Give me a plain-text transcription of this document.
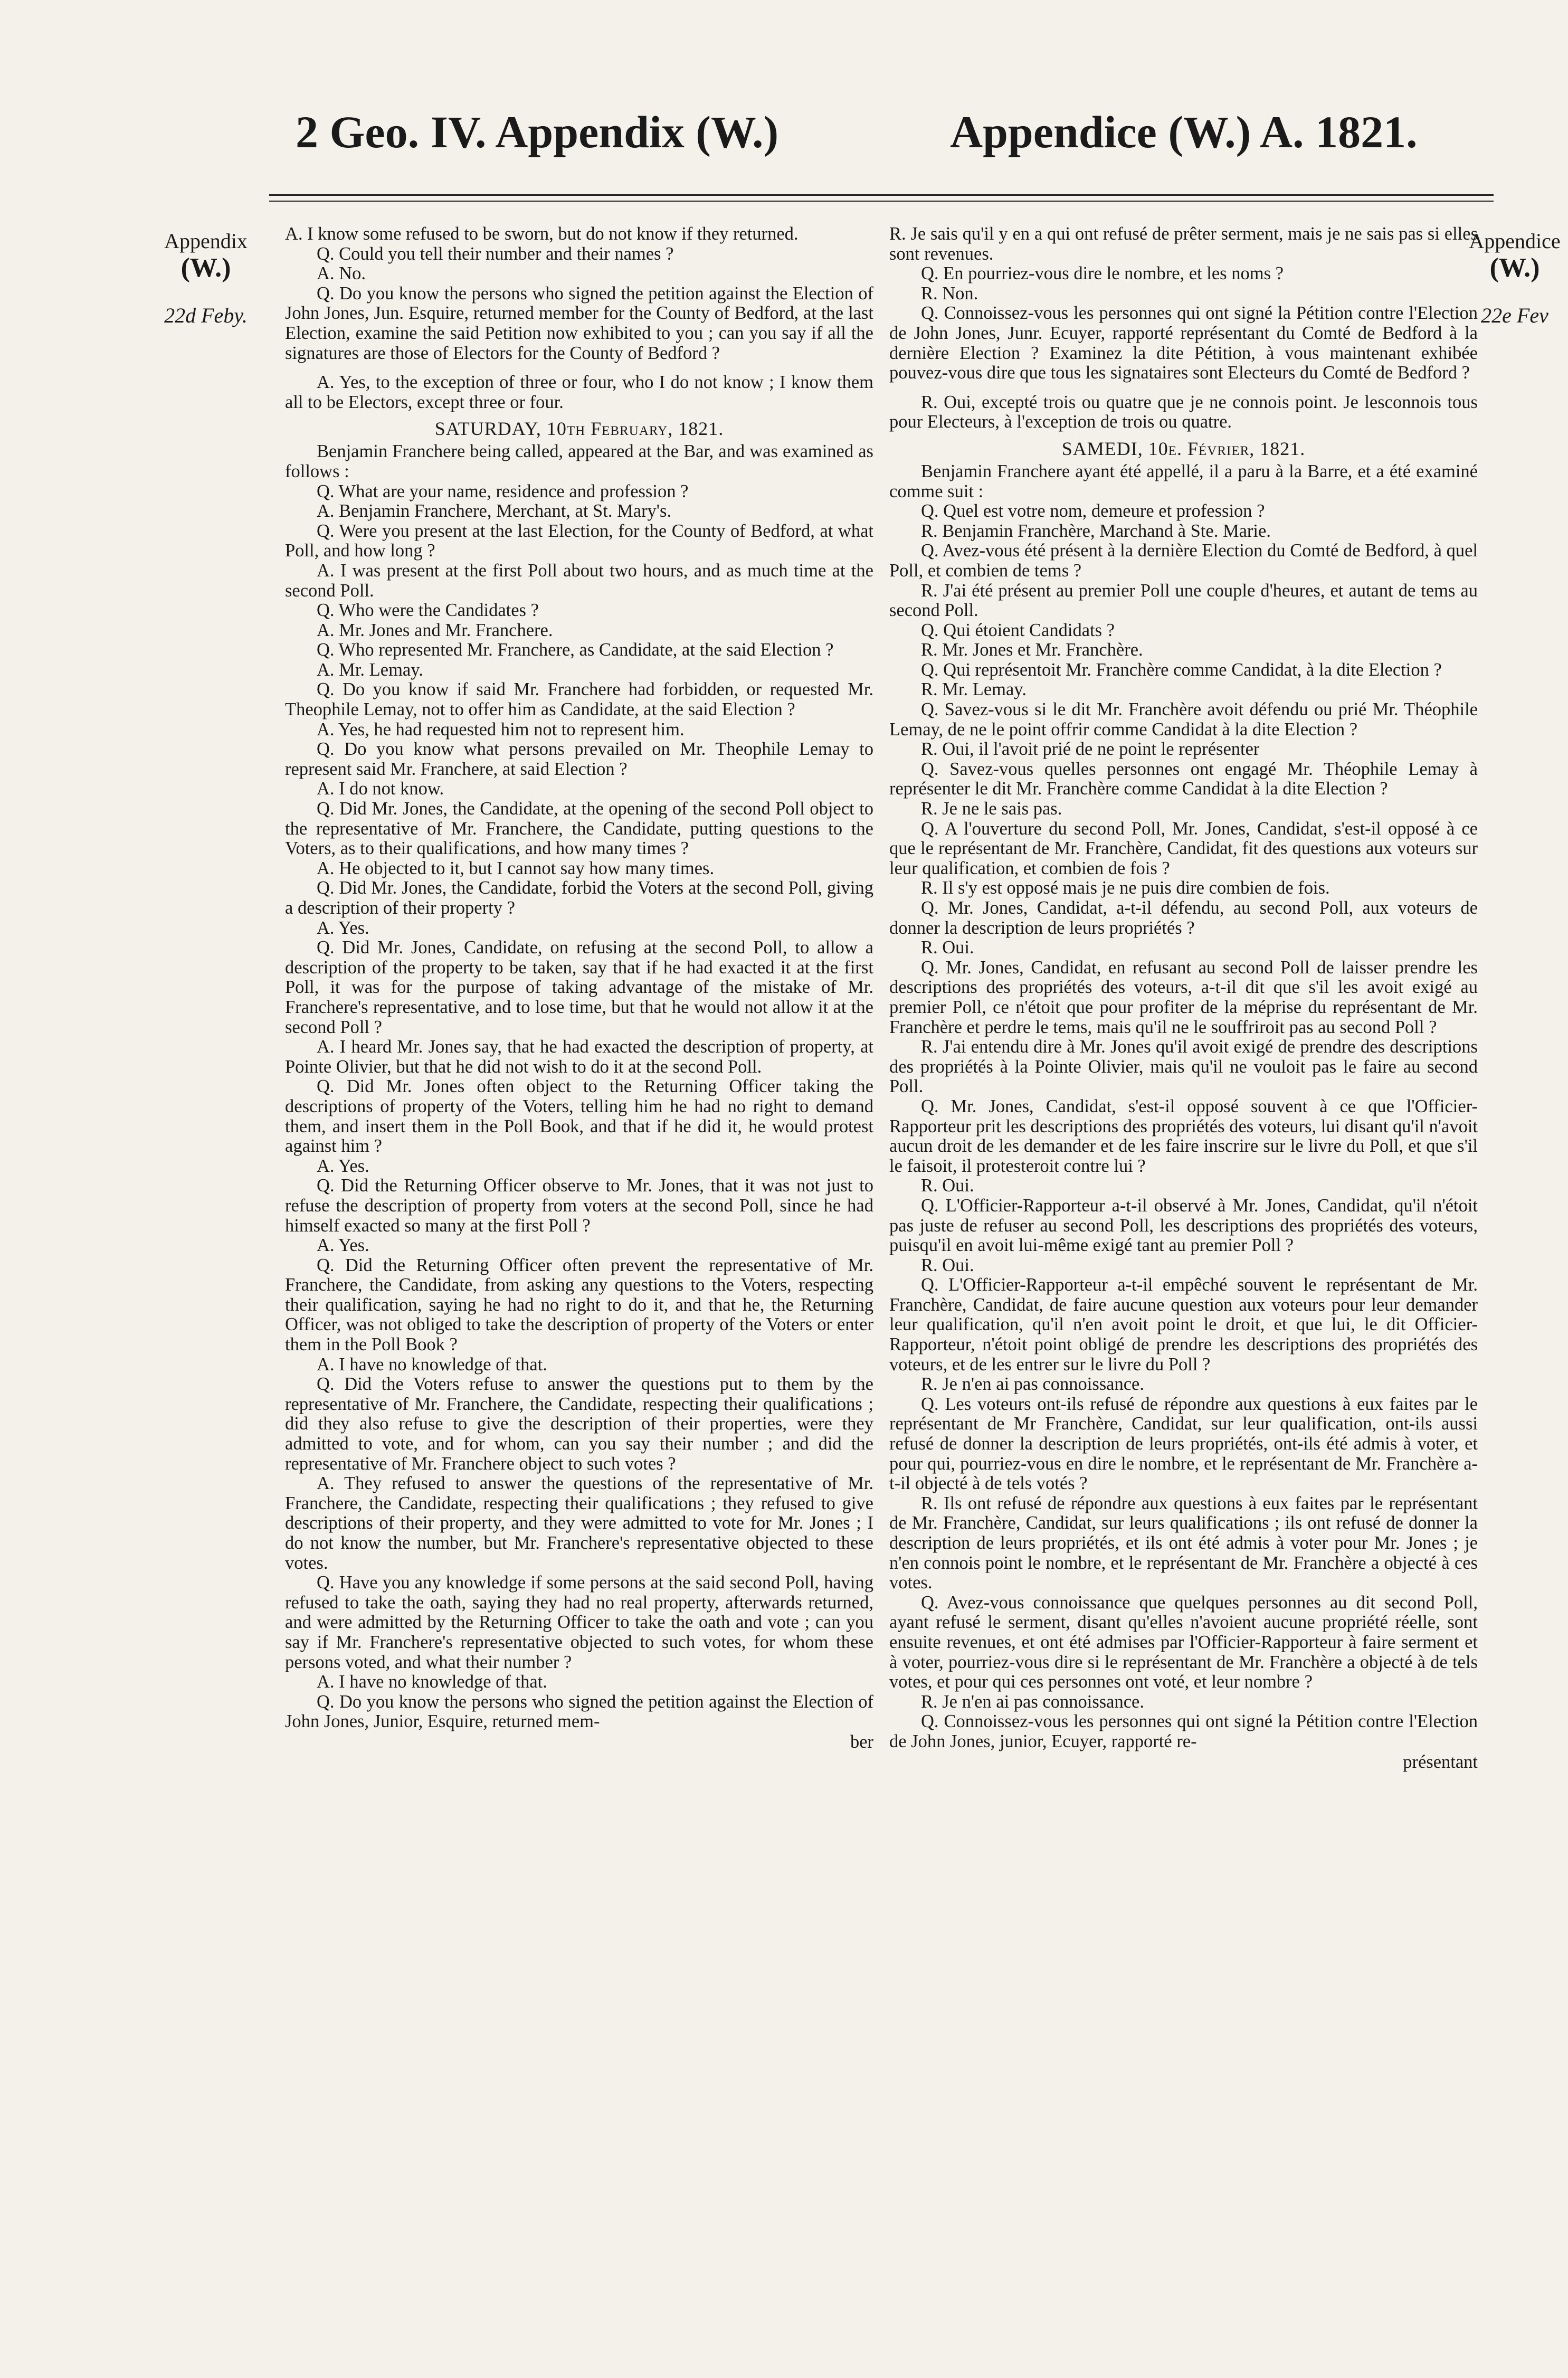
2 Geo. IV. Appendix (W.)	Appendice (W.) A. 1821.
Appendix
(W.)
22d Feby.
Appendice
(W.)
22e Fev

A. I know some refused to be sworn, but do not know if they returned.

Q. Could you tell their number and their names ?

A. No.

Q. Do you know the persons who signed the petition against the Election of John Jones, Jun. Esquire, returned member for the County of Bedford, at the last Election, examine the said Petition now exhibited to you ; can you say if all the signatures are those of Electors for the County of Bedford ?

A. Yes, to the exception of three or four, who I do not know ; I know them all to be Electors, except three or four.

SATURDAY, 10th February, 1821.

Benjamin Franchere being called, appeared at the Bar, and was examined as follows :

Q. What are your name, residence and profession ?

A. Benjamin Franchere, Merchant, at St. Mary's.

Q. Were you present at the last Election, for the County of Bedford, at what Poll, and how long ?

A. I was present at the first Poll about two hours, and as much time at the second Poll.

Q. Who were the Candidates ?

A. Mr. Jones and Mr. Franchere.

Q. Who represented Mr. Franchere, as Candidate, at the said Election ?

A. Mr. Lemay.

Q. Do you know if said Mr. Franchere had forbidden, or requested Mr. Theophile Lemay, not to offer him as Candidate, at the said Election ?

A. Yes, he had requested him not to represent him.

Q. Do you know what persons prevailed on Mr. Theophile Lemay to represent said Mr. Franchere, at said Election ?

A. I do not know.

Q. Did Mr. Jones, the Candidate, at the opening of the second Poll object to the representative of Mr. Franchere, the Candidate, putting questions to the Voters, as to their qualifications, and how many times ?

A. He objected to it, but I cannot say how many times.

Q. Did Mr. Jones, the Candidate, forbid the Voters at the second Poll, giving a description of their property ?

A. Yes.

Q. Did Mr. Jones, Candidate, on refusing at the second Poll, to allow a description of the property to be taken, say that if he had exacted it at the first Poll, it was for the purpose of taking advantage of the mistake of Mr. Franchere's representative, and to lose time, but that he would not allow it at the second Poll ?

A. I heard Mr. Jones say, that he had exacted the description of property, at Pointe Olivier, but that he did not wish to do it at the second Poll.

Q. Did Mr. Jones often object to the Returning Officer taking the descriptions of property of the Voters, telling him he had no right to demand them, and insert them in the Poll Book, and that if he did it, he would protest against him ?

A. Yes.

Q. Did the Returning Officer observe to Mr. Jones, that it was not just to refuse the description of property from voters at the second Poll, since he had himself exacted so many at the first Poll ?

A. Yes.

Q. Did the Returning Officer often prevent the representative of Mr. Franchere, the Candidate, from asking any questions to the Voters, respecting their qualification, saying he had no right to do it, and that he, the Returning Officer, was not obliged to take the description of property of the Voters or enter them in the Poll Book ?

A. I have no knowledge of that.

Q. Did the Voters refuse to answer the questions put to them by the representative of Mr. Franchere, the Candidate, respecting their qualifications ; did they also refuse to give the description of their properties, were they admitted to vote, and for whom, can you say their number ; and did the representative of Mr. Franchere object to such votes ?

A. They refused to answer the questions of the representative of Mr. Franchere, the Candidate, respecting their qualifications ; they refused to give descriptions of their property, and they were admitted to vote for Mr. Jones ; I do not know the number, but Mr. Franchere's representative objected to these votes.

Q. Have you any knowledge if some persons at the said second Poll, having refused to take the oath, saying they had no real property, afterwards returned, and were admitted by the Returning Officer to take the oath and vote ; can you say if Mr. Franchere's representative objected to such votes, for whom these persons voted, and what their number ?

A. I have no knowledge of that.

Q. Do you know the persons who signed the petition against the Election of John Jones, Junior, Esquire, returned mem-

ber

R. Je sais qu'il y en a qui ont refusé de prêter serment, mais je ne sais pas si elles sont revenues.

Q. En pourriez-vous dire le nombre, et les noms ?

R. Non.

Q. Connoissez-vous les personnes qui ont signé la Pétition contre l'Election de John Jones, Junr. Ecuyer, rapporté représentant du Comté de Bedford à la dernière Election ? Examinez la dite Pétition, à vous maintenant exhibée pouvez-vous dire que tous les signataires sont Electeurs du Comté de Bedford ?

R. Oui, excepté trois ou quatre que je ne connois point. Je lesconnois tous pour Electeurs, à l'exception de trois ou quatre.

SAMEDI, 10e. Février, 1821.

Benjamin Franchere ayant été appellé, il a paru à la Barre, et a été examiné comme suit :

Q. Quel est votre nom, demeure et profession ?

R. Benjamin Franchère, Marchand à Ste. Marie.

Q. Avez-vous été présent à la dernière Election du Comté de Bedford, à quel Poll, et combien de tems ?

R. J'ai été présent au premier Poll une couple d'heures, et autant de tems au second Poll.

Q. Qui étoient Candidats ?

R. Mr. Jones et Mr. Franchère.

Q. Qui représentoit Mr. Franchère comme Candidat, à la dite Election ?

R. Mr. Lemay.

Q. Savez-vous si le dit Mr. Franchère avoit défendu ou prié Mr. Théophile Lemay, de ne le point offrir comme Candidat à la dite Election ?

R. Oui, il l'avoit prié de ne point le représenter

Q. Savez-vous quelles personnes ont engagé Mr. Théophile Lemay à représenter le dit Mr. Franchère comme Candidat à la dite Election ?

R. Je ne le sais pas.

Q. A l'ouverture du second Poll, Mr. Jones, Candidat, s'est-il opposé à ce que le représentant de Mr. Franchère, Candidat, fit des questions aux voteurs sur leur qualification, et combien de fois ?

R. Il s'y est opposé mais je ne puis dire combien de fois.

Q. Mr. Jones, Candidat, a-t-il défendu, au second Poll, aux voteurs de donner la description de leurs propriétés ?

R. Oui.

Q. Mr. Jones, Candidat, en refusant au second Poll de laisser prendre les descriptions des propriétés des voteurs, a-t-il dit que s'il les avoit exigé au premier Poll, ce n'étoit que pour profiter de la méprise du représentant de Mr. Franchère et perdre le tems, mais qu'il ne le souffriroit pas au second Poll ?

R. J'ai entendu dire à Mr. Jones qu'il avoit exigé de prendre des descriptions des propriétés à la Pointe Olivier, mais qu'il ne vouloit pas le faire au second Poll.

Q. Mr. Jones, Candidat, s'est-il opposé souvent à ce que l'Officier-Rapporteur prit les descriptions des propriétés des voteurs, lui disant qu'il n'avoit aucun droit de les demander et de les faire inscrire sur le livre du Poll, et que s'il le faisoit, il protesteroit contre lui ?

R. Oui.

Q. L'Officier-Rapporteur a-t-il observé à Mr. Jones, Candidat, qu'il n'étoit pas juste de refuser au second Poll, les descriptions des propriétés des voteurs, puisqu'il en avoit lui-même exigé tant au premier Poll ?

R. Oui.

Q. L'Officier-Rapporteur a-t-il empêché souvent le représentant de Mr. Franchère, Candidat, de faire aucune question aux voteurs pour leur demander leur qualification, qu'il n'en avoit point le droit, et que lui, le dit Officier-Rapporteur, n'étoit point obligé de prendre les descriptions des propriétés des voteurs, et de les entrer sur le livre du Poll ?

R. Je n'en ai pas connoissance.

Q. Les voteurs ont-ils refusé de répondre aux questions à eux faites par le représentant de Mr Franchère, Candidat, sur leur qualification, ont-ils aussi refusé de donner la description de leurs propriétés, ont-ils été admis à voter, et pour qui, pourriez-vous en dire le nombre, et le représentant de Mr. Franchère a-t-il objecté à de tels votés ?

R. Ils ont refusé de répondre aux questions à eux faites par le représentant de Mr. Franchère, Candidat, sur leurs qualifications ; ils ont refusé de donner la description de leurs propriétés, et ils ont été admis à voter pour Mr. Jones ; je n'en connois point le nombre, et le représentant de Mr. Franchère a objecté à ces votes.

Q. Avez-vous connoissance que quelques personnes au dit second Poll, ayant refusé le serment, disant qu'elles n'avoient aucune propriété réelle, sont ensuite revenues, et ont été admises par l'Officier-Rapporteur à faire serment et à voter, pourriez-vous dire si le représentant de Mr. Franchère a objecté à de tels votes, et pour qui ces personnes ont voté, et leur nombre ?

R. Je n'en ai pas connoissance.

Q. Connoissez-vous les personnes qui ont signé la Pétition contre l'Election de John Jones, junior, Ecuyer, rapporté re-

présentant
